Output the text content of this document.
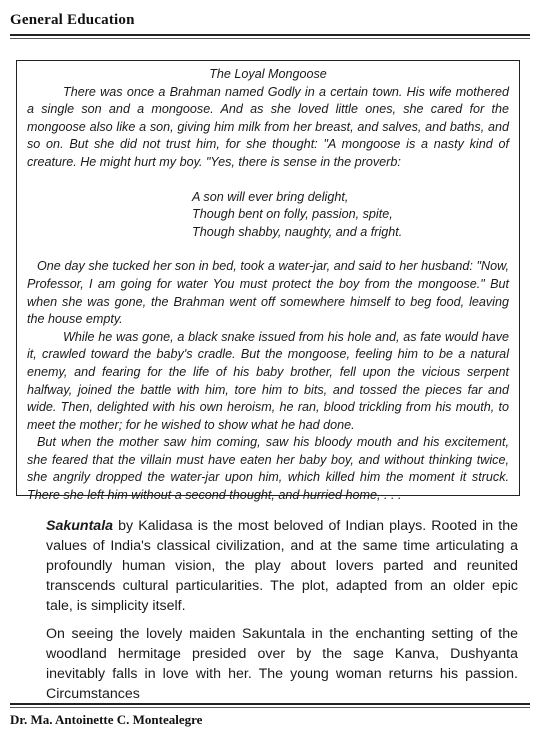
General Education
The Loyal Mongoose

There was once a Brahman named Godly in a certain town. His wife mothered a single son and a mongoose. And as she loved little ones, she cared for the mongoose also like a son, giving him milk from her breast, and salves, and baths, and so on. But she did not trust him, for she thought: "A mongoose is a nasty kind of creature. He might hurt my boy. "Yes, there is sense in the proverb:

A son will ever bring delight,
Though bent on folly, passion, spite,
Though shabby, naughty, and a fright.

One day she tucked her son in bed, took a water-jar, and said to her husband: "Now, Professor, I am going for water You must protect the boy from the mongoose." But when she was gone, the Brahman went off somewhere himself to beg food, leaving the house empty.

While he was gone, a black snake issued from his hole and, as fate would have it, crawled toward the baby's cradle. But the mongoose, feeling him to be a natural enemy, and fearing for the life of his baby brother, fell upon the vicious serpent halfway, joined the battle with him, tore him to bits, and tossed the pieces far and wide. Then, delighted with his own heroism, he ran, blood trickling from his mouth, to meet the mother; for he wished to show what he had done.

But when the mother saw him coming, saw his bloody mouth and his excitement, she feared that the villain must have eaten her baby boy, and without thinking twice, she angrily dropped the water-jar upon him, which killed him the moment it struck. There she left him without a second thought, and hurried home, . . .

Sakuntala by Kalidasa is the most beloved of Indian plays. Rooted in the values of India's classical civilization, and at the same time articulating a profoundly human vision, the play about lovers parted and reunited transcends cultural particularities. The plot, adapted from an older epic tale, is simplicity itself.
On seeing the lovely maiden Sakuntala in the enchanting setting of the woodland hermitage presided over by the sage Kanva, Dushyanta inevitably falls in love with her. The young woman returns his passion. Circumstances
Dr. Ma. Antoinette C. Montealegre
